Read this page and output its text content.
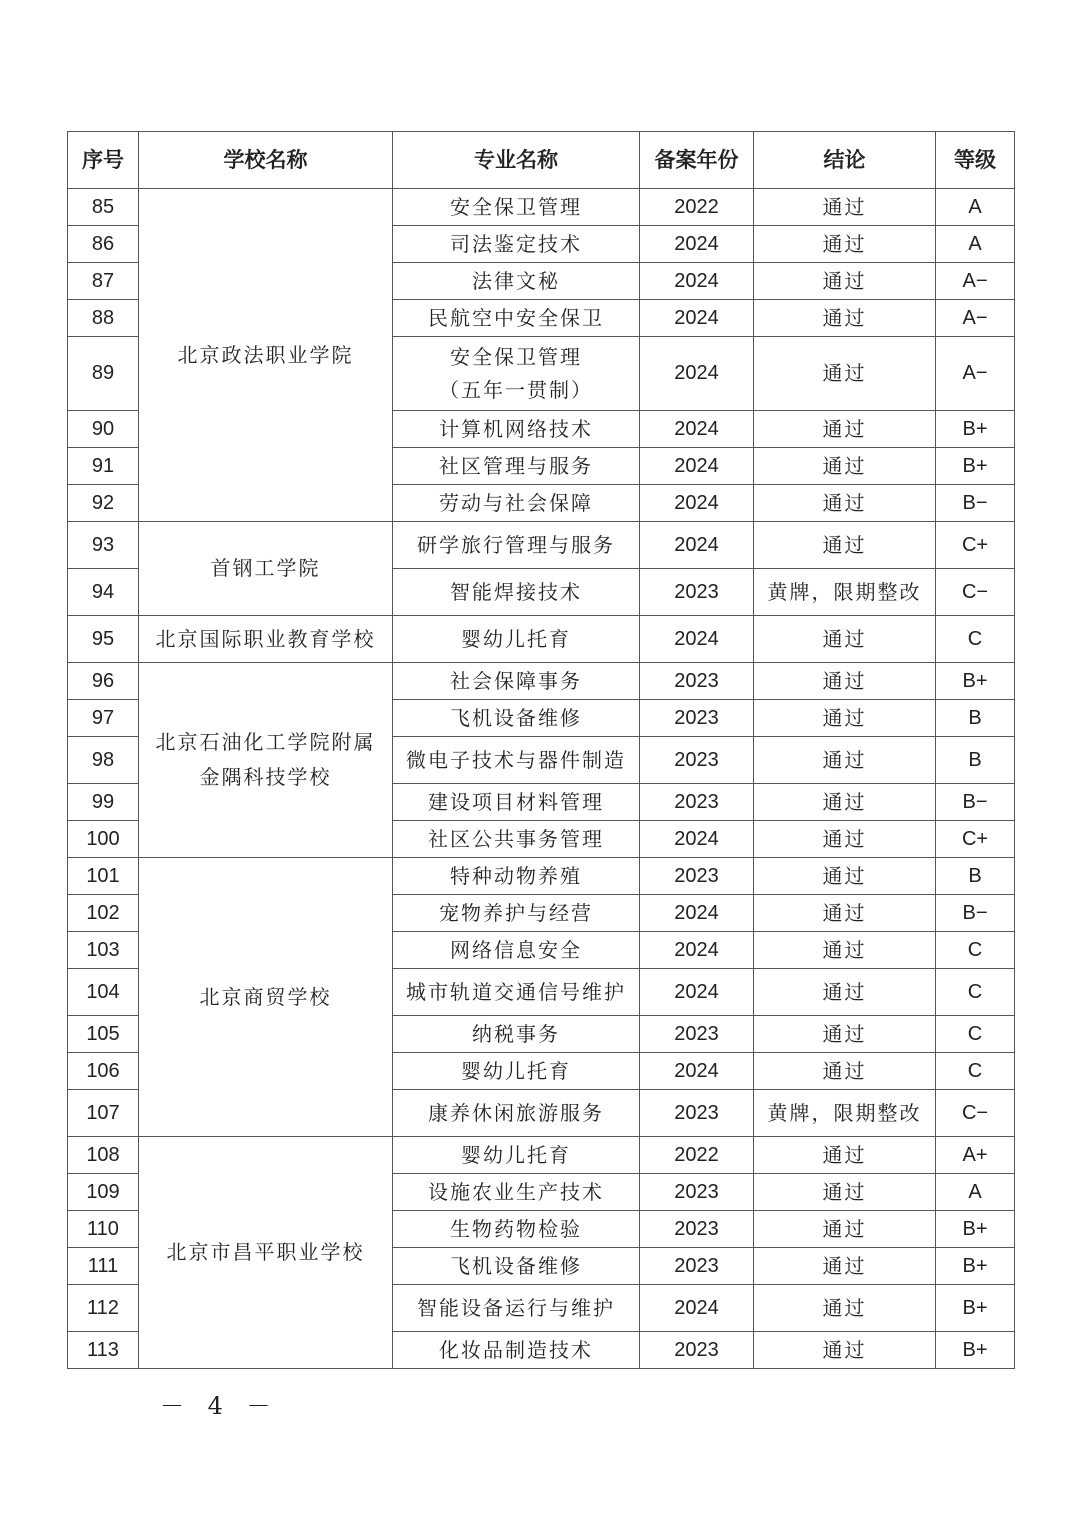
序号	学校名称	专业名称	备案年份	结论	等级
85	北京政法职业学院	安全保卫管理	2022	通过	A
86		司法鉴定技术	2024	通过	A
87		法律文秘	2024	通过	A−
88		民航空中安全保卫	2024	通过	A−
89		安全保卫管理
（五年一贯制）	2024	通过	A−
90		计算机网络技术	2024	通过	B+
91		社区管理与服务	2024	通过	B+
92		劳动与社会保障	2024	通过	B−
93	首钢工学院	研学旅行管理与服务	2024	通过	C+
94		智能焊接技术	2023	黄牌，限期整改	C−
95	北京国际职业教育学校	婴幼儿托育	2024	通过	C
96	北京石油化工学院附属
金隅科技学校	社会保障事务	2023	通过	B+
97		飞机设备维修	2023	通过	B
98		微电子技术与器件制造	2023	通过	B
99		建设项目材料管理	2023	通过	B−
100		社区公共事务管理	2024	通过	C+
101	北京商贸学校	特种动物养殖	2023	通过	B
102		宠物养护与经营	2024	通过	B−
103		网络信息安全	2024	通过	C
104		城市轨道交通信号维护	2024	通过	C
105		纳税事务	2023	通过	C
106		婴幼儿托育	2024	通过	C
107		康养休闲旅游服务	2023	黄牌，限期整改	C−
108	北京市昌平职业学校	婴幼儿托育	2022	通过	A+
109		设施农业生产技术	2023	通过	A
110		生物药物检验	2023	通过	B+
111		飞机设备维修	2023	通过	B+
112		智能设备运行与维护	2024	通过	B+
113		化妆品制造技术	2023	通过	B+
－ 4 －
